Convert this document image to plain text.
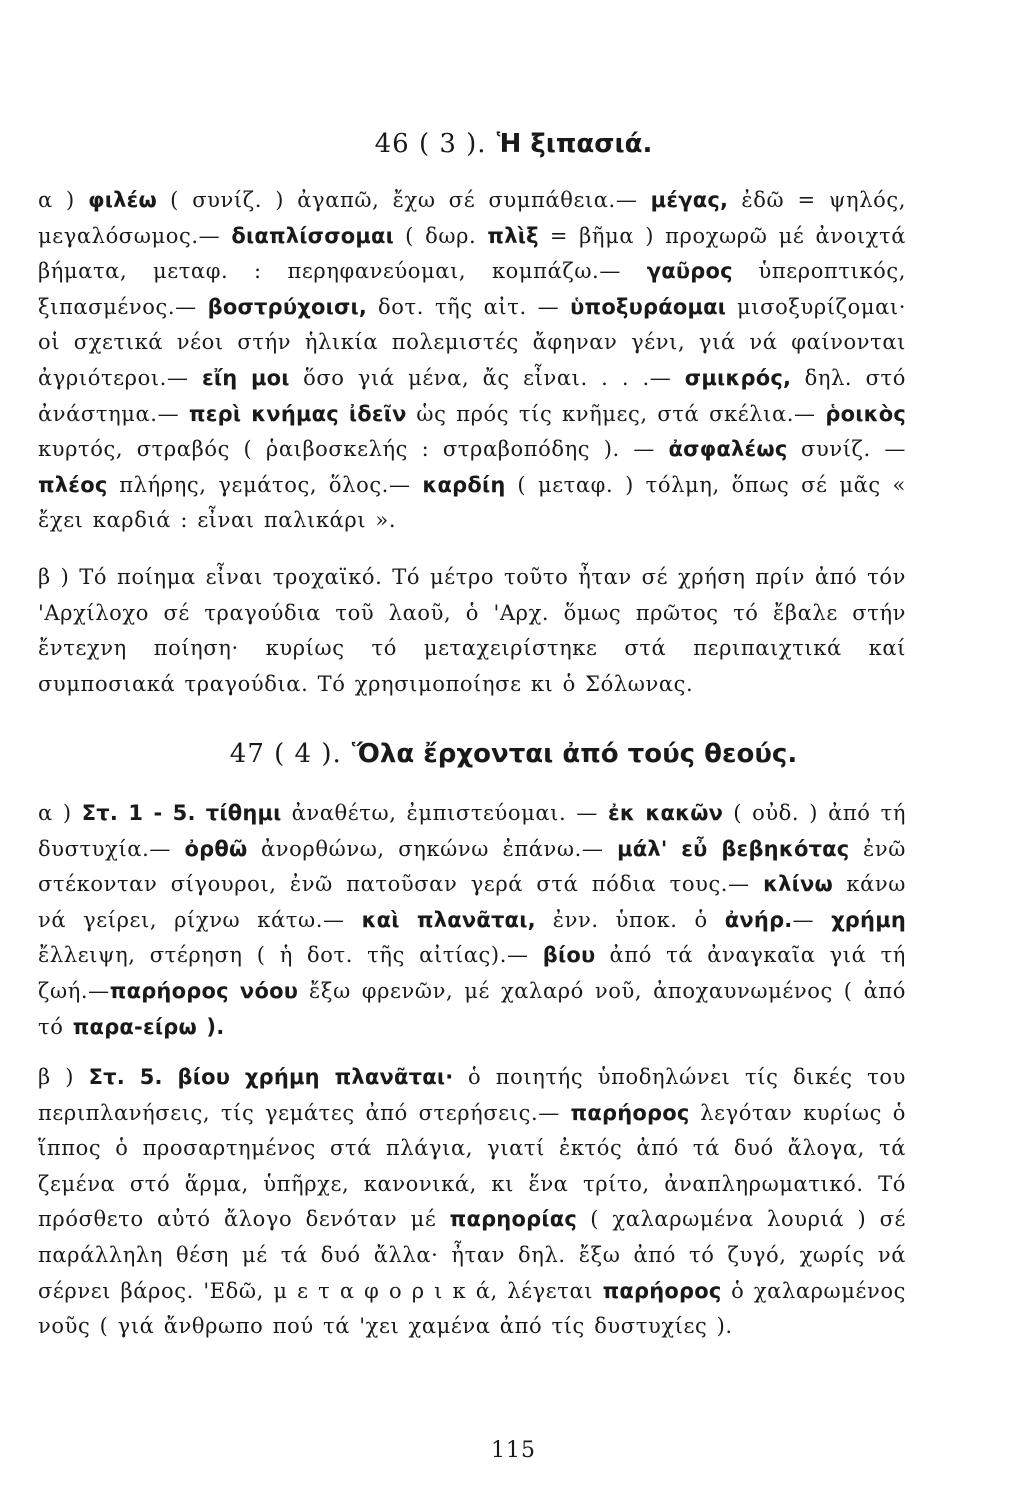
46 ( 3 ). Ἡ ξιπασιά.
α ) φιλέω ( συνίζ. ) ἀγαπῶ, ἔχω σέ συμπάθεια.— μέγας, ἐδῶ = ψηλός, μεγαλόσωμος.— διαπλίσσομαι ( δωρ. πλὶξ = βῆμα ) προχωρῶ μέ ἀνοιχτά βήματα, μεταφ. : περηφανεύομαι, κομπάζω.— γαῦρος ὑπεροπτικός, ξιπασμένος.— βοστρύχοισι, δοτ. τῆς αἰτ. — ὑποξυράομαι μισοξυρίζομαι· οἱ σχετικά νέοι στήν ἡλικία πολεμιστές ἄφηναν γένι, γιά νά φαίνονται ἀγριότεροι.— εἴη μοι ὅσο γιά μένα, ἄς εἶναι. . . .— σμικρός, δηλ. στό ἀνάστημα.— περὶ κνήμας ἰδεῖν ὡς πρός τίς κνῆμες, στά σκέλια.— ῥοικὸς κυρτός, στραβός ( ῥαιβοσκελής : στραβοπόδης ). — ἀσφαλέως συνίζ. — πλέος πλήρης, γεμάτος, ὅλος.— καρδίη ( μεταφ. ) τόλμη, ὅπως σέ μᾶς « ἔχει καρδιά : εἶναι παλικάρι ».
β ) Τό ποίημα εἶναι τροχαϊκό. Τό μέτρο τοῦτο ἦταν σέ χρήση πρίν ἀπό τόν 'Αρχίλοχο σέ τραγούδια τοῦ λαοῦ, ὁ 'Αρχ. ὅμως πρῶτος τό ἔβαλε στήν ἔντεχνη ποίηση· κυρίως τό μεταχειρίστηκε στά περιπαιχτικά καί συμποσιακά τραγούδια. Τό χρησιμοποίησε κι ὁ Σόλωνας.
47 ( 4 ). Ὅλα ἔρχονται ἀπό τούς θεούς.
α ) Στ. 1 - 5. τίθημι ἀναθέτω, ἐμπιστεύομαι. — ἐκ κακῶν ( οὐδ. ) ἀπό τή δυστυχία.— ὀρθῶ ἀνορθώνω, σηκώνω ἐπάνω.— μάλ' εὖ βεβηκότας ἐνῶ στέκονταν σίγουροι, ἐνῶ πατοῦσαν γερά στά πόδια τους.— κλίνω κάνω νά γείρει, ρίχνω κάτω.— καὶ πλανᾶται, ἐνν. ὑποκ. ὁ ἀνήρ.— χρήμη ἔλλειψη, στέρηση ( ἡ δοτ. τῆς αἰτίας).— βίου ἀπό τά ἀναγκαῖα γιά τή ζωή.—παρήορος νόου ἔξω φρενῶν, μέ χαλαρό νοῦ, ἀποχαυνωμένος ( ἀπό τό παρα-είρω ).
β ) Στ. 5. βίου χρήμη πλανᾶται· ὁ ποιητής ὑποδηλώνει τίς δικές του περιπλανήσεις, τίς γεμάτες ἀπό στερήσεις.— παρήορος λεγόταν κυρίως ὁ ἵππος ὁ προσαρτημένος στά πλάγια, γιατί ἐκτός ἀπό τά δυό ἄλογα, τά ζεμένα στό ἅρμα, ὑπῆρχε, κανονικά, κι ἕνα τρίτο, ἀναπληρωματικό. Τό πρόσθετο αὐτό ἄλογο δενόταν μέ παρηορίας ( χαλαρωμένα λουριά ) σέ παράλληλη θέση μέ τά δυό ἄλλα· ἦταν δηλ. ἔξω ἀπό τό ζυγό, χωρίς νά σέρνει βάρος. 'Εδῶ, μ ε τ α φ ο ρ ι κ ά, λέγεται παρήορος ὁ χαλαρωμένος νοῦς ( γιά ἄνθρωπο πού τά 'χει χαμένα ἀπό τίς δυστυχίες ).
115
